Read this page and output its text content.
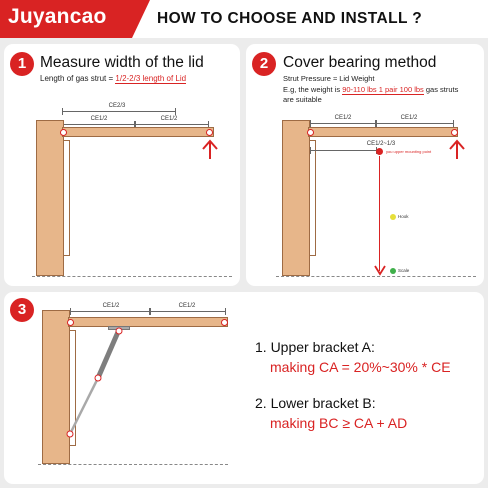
Juyancao	HOW TO CHOOSE AND INSTALL ?
1 Measure width of the lid
Length of gas strut = 1/2-2/3 length of Lid
CE2/3
CE1/2	CE1/2
2 Cover bearing method
Strut Pressure ≈ Lid Weight
E.g, the weight is 90-110 lbs 1 pair 100 lbs gas struts
are suitable
CE1/2	CE1/2
CE1/2~1/3
you upper mounting point
Hook
Scale
3	CE1/2	CE1/2
1. Upper bracket A:
making CA = 20%~30% * CE
2. Lower bracket B:
making BC ≥ CA + AD
